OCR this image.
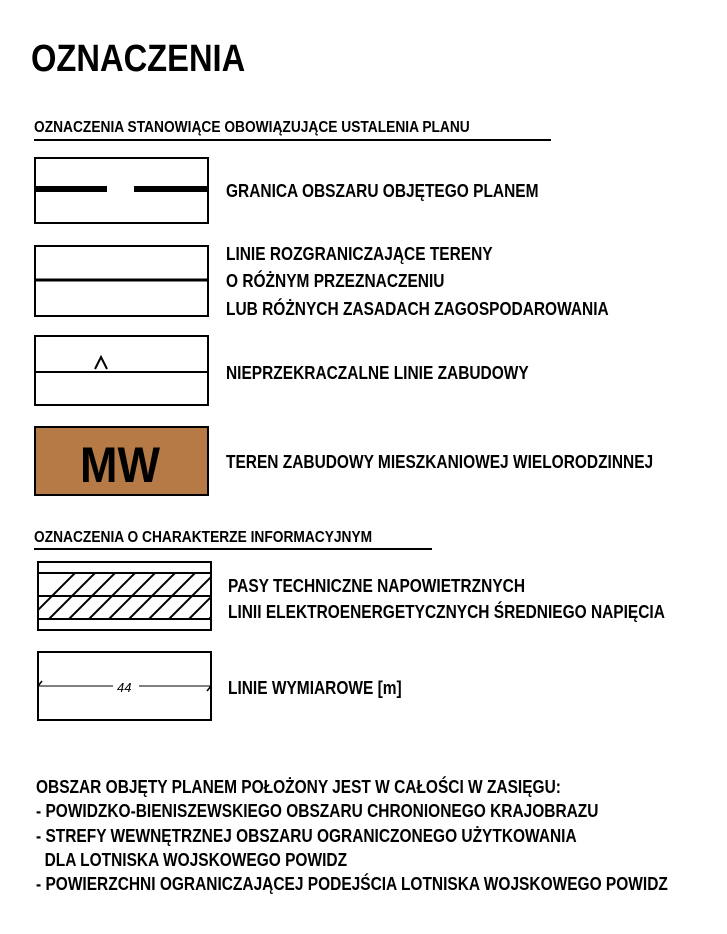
OZNACZENIA
OZNACZENIA STANOWIĄCE OBOWIĄZUJĄCE USTALENIA PLANU
GRANICA OBSZARU OBJĘTEGO PLANEM
LINIE ROZGRANICZAJĄCE TERENY
O RÓŻNYM PRZEZNACZENIU
LUB RÓŻNYCH ZASADACH ZAGOSPODAROWANIA
NIEPRZEKRACZALNE LINIE ZABUDOWY
MW	TEREN ZABUDOWY MIESZKANIOWEJ WIELORODZINNEJ
OZNACZENIA O CHARAKTERZE INFORMACYJNYM
PASY TECHNICZNE NAPOWIETRZNYCH
LINII ELEKTROENERGETYCZNYCH ŚREDNIEGO NAPIĘCIA
44	LINIE WYMIAROWE [m]
OBSZAR OBJĘTY PLANEM POŁOŻONY JEST W CAŁOŚCI W ZASIĘGU:
- POWIDZKO-BIENISZEWSKIEGO OBSZARU CHRONIONEGO KRAJOBRAZU
- STREFY WEWNĘTRZNEJ OBSZARU OGRANICZONEGO UŻYTKOWANIA
DLA LOTNISKA WOJSKOWEGO POWIDZ
- POWIERZCHNI OGRANICZAJĄCEJ PODEJŚCIA LOTNISKA WOJSKOWEGO POWIDZ
